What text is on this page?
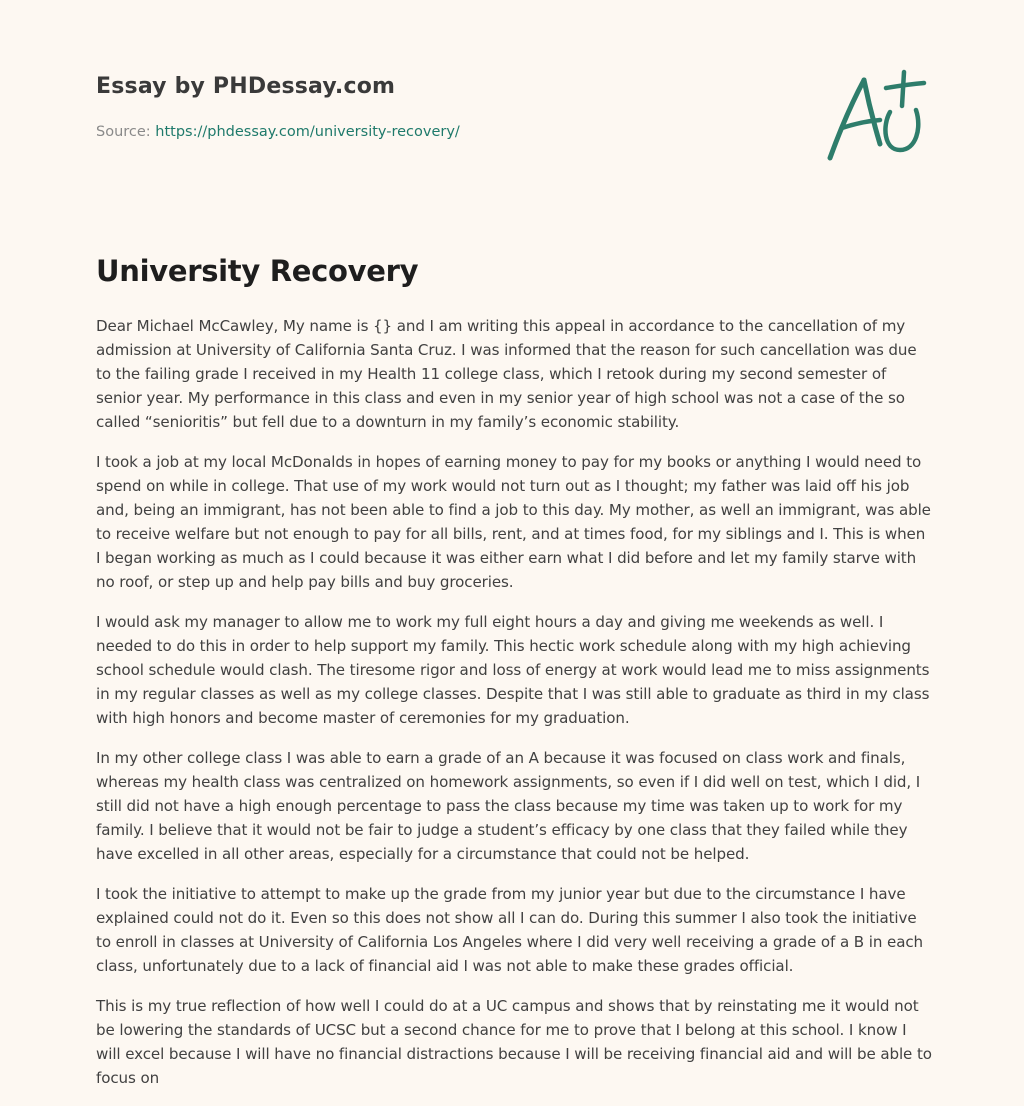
Essay by PHDessay.com
Source: https://phdessay.com/university-recovery/
University Recovery

Dear Michael McCawley, My name is {} and I am writing this appeal in accordance to the cancellation of my admission at University of California Santa Cruz. I was informed that the reason for such cancellation was due to the failing grade I received in my Health 11 college class, which I retook during my second semester of senior year. My performance in this class and even in my senior year of high school was not a case of the so called “senioritis” but fell due to a downturn in my family’s economic stability.

I took a job at my local McDonalds in hopes of earning money to pay for my books or anything I would need to spend on while in college. That use of my work would not turn out as I thought; my father was laid off his job and, being an immigrant, has not been able to find a job to this day. My mother, as well an immigrant, was able to receive welfare but not enough to pay for all bills, rent, and at times food, for my siblings and I. This is when I began working as much as I could because it was either earn what I did before and let my family starve with no roof, or step up and help pay bills and buy groceries.

I would ask my manager to allow me to work my full eight hours a day and giving me weekends as well. I needed to do this in order to help support my family. This hectic work schedule along with my high achieving school schedule would clash. The tiresome rigor and loss of energy at work would lead me to miss assignments in my regular classes as well as my college classes. Despite that I was still able to graduate as third in my class with high honors and become master of ceremonies for my graduation.

In my other college class I was able to earn a grade of an A because it was focused on class work and finals, whereas my health class was centralized on homework assignments, so even if I did well on test, which I did, I still did not have a high enough percentage to pass the class because my time was taken up to work for my family. I believe that it would not be fair to judge a student’s efficacy by one class that they failed while they have excelled in all other areas, especially for a circumstance that could not be helped.

I took the initiative to attempt to make up the grade from my junior year but due to the circumstance I have explained could not do it. Even so this does not show all I can do. During this summer I also took the initiative to enroll in classes at University of California Los Angeles where I did very well receiving a grade of a B in each class, unfortunately due to a lack of financial aid I was not able to make these grades official.

This is my true reflection of how well I could do at a UC campus and shows that by reinstating me it would not be lowering the standards of UCSC but a second chance for me to prove that I belong at this school. I know I will excel because I will have no financial distractions because I will be receiving financial aid and will be able to focus on
